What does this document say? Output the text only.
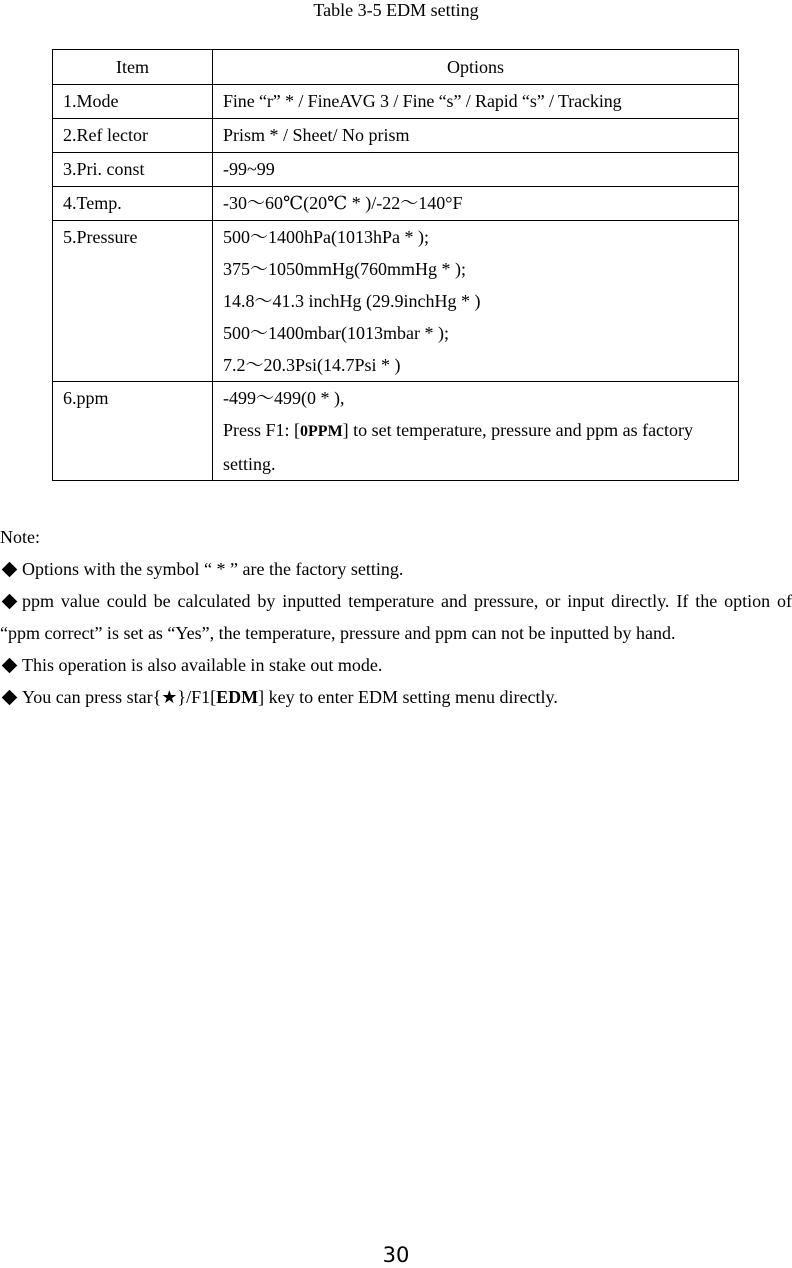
Table 3-5 EDM setting
Item	Options
1.Mode	Fine “r” * / FineAVG 3 / Fine “s” / Rapid “s” / Tracking
2.Ref lector	Prism * / Sheet/ No prism
3.Pri. const	-99~99
4.Temp.	-30～60℃(20℃ * )/-22～140°F
5.Pressure	500～1400hPa(1013hPa * );
375～1050mmHg(760mmHg * );
14.8～41.3 inchHg (29.9inchHg * )
500～1400mbar(1013mbar * );
7.2～20.3Psi(14.7Psi * )

6.ppm	-499～499(0 * ),
Press F1: [0PPM] to set temperature, pressure and ppm as factory setting.

Note:

Options with the symbol “ * ” are the factory setting.

ppm value could be calculated by inputted temperature and pressure, or input directly. If the option of “ppm correct” is set as “Yes”, the temperature, pressure and ppm can not be inputted by hand.

This operation is also available in stake out mode.

You can press star{★}/F1[EDM] key to enter EDM setting menu directly.

30
